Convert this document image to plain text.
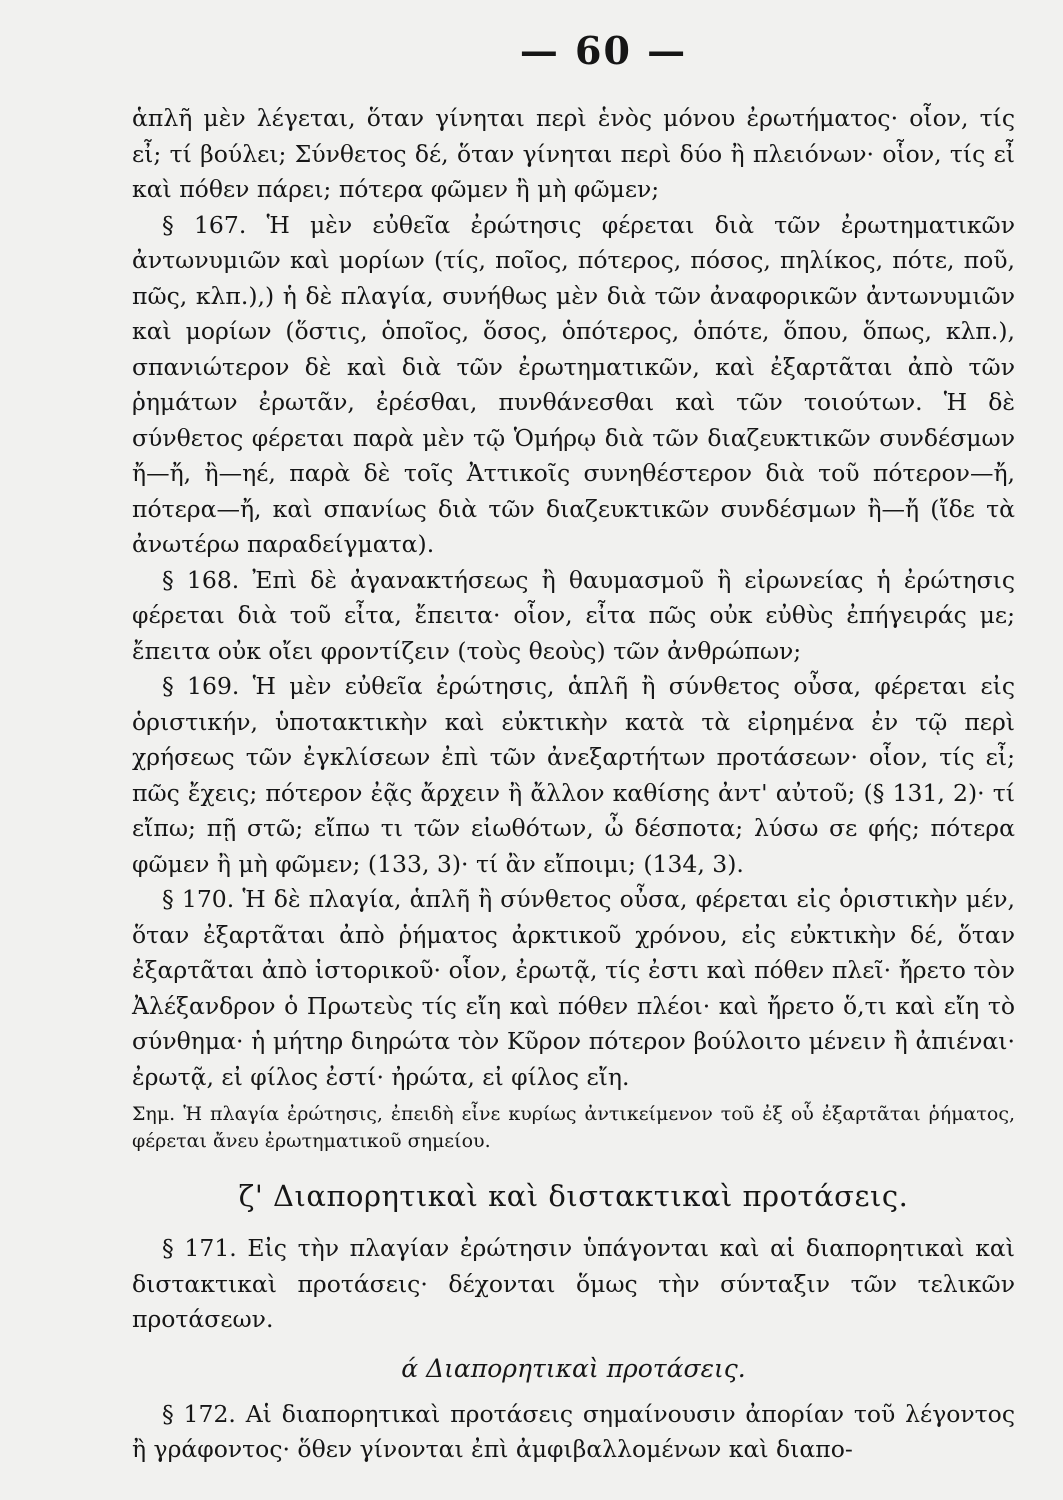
— 60 —

ἁπλῆ μὲν λέγεται, ὅταν γίνηται περὶ ἑνὸς μόνου ἐρωτήματος· οἷον, τίς εἶ; τί βούλει; Σύνθετος δέ, ὅταν γίνηται περὶ δύο ἢ πλειόνων· οἷον, τίς εἶ καὶ πόθεν πάρει; πότερα φῶμεν ἢ μὴ φῶμεν;

§ 167. Ἡ μὲν εὐθεῖα ἐρώτησις φέρεται διὰ τῶν ἐρωτηματικῶν ἀντωνυμιῶν καὶ μορίων (τίς, ποῖος, πότερος, πόσος, πηλίκος, πότε, ποῦ, πῶς, κλπ.),) ἡ δὲ πλαγία, συνήθως μὲν διὰ τῶν ἀναφορικῶν ἀντωνυμιῶν καὶ μορίων (ὅστις, ὁποῖος, ὅσος, ὁπότερος, ὁπότε, ὅπου, ὅπως, κλπ.), σπανιώτερον δὲ καὶ διὰ τῶν ἐρωτηματικῶν, καὶ ἐξαρτᾶται ἀπὸ τῶν ῥημάτων ἐρωτᾶν, ἐρέσθαι, πυνθάνεσθαι καὶ τῶν τοιούτων. Ἡ δὲ σύνθετος φέρεται παρὰ μὲν τῷ Ὁμήρῳ διὰ τῶν διαζευκτικῶν συνδέσμων ἤ—ἤ, ἢ—ηέ, παρὰ δὲ τοῖς Ἀττικοῖς συνηθέστερον διὰ τοῦ πότερον—ἤ, πότερα—ἤ, καὶ σπανίως διὰ τῶν διαζευκτικῶν συνδέσμων ἢ—ἤ (ἴδε τὰ ἀνωτέρω παραδείγματα).

§ 168. Ἐπὶ δὲ ἀγανακτήσεως ἢ θαυμασμοῦ ἢ εἰρωνείας ἡ ἐρώτησις φέρεται διὰ τοῦ εἶτα, ἔπειτα· οἷον, εἶτα πῶς οὐκ εὐθὺς ἐπήγειράς με; ἔπειτα οὐκ οἴει φροντίζειν (τοὺς θεοὺς) τῶν ἀνθρώπων;

§ 169. Ἡ μὲν εὐθεῖα ἐρώτησις, ἁπλῆ ἢ σύνθετος οὖσα, φέρεται εἰς ὁριστικήν, ὑποτακτικὴν καὶ εὐκτικὴν κατὰ τὰ εἰρημένα ἐν τῷ περὶ χρήσεως τῶν ἐγκλίσεων ἐπὶ τῶν ἀνεξαρτήτων προτάσεων· οἷον, τίς εἶ; πῶς ἔχεις; πότερον ἐᾷς ἄρχειν ἢ ἄλλον καθίσης ἀντ' αὐτοῦ; (§ 131, 2)· τί εἴπω; πῇ στῶ; εἴπω τι τῶν εἰωθότων, ὦ δέσποτα; λύσω σε φής; πότερα φῶμεν ἢ μὴ φῶμεν; (133, 3)· τί ἂν εἴποιμι; (134, 3).

§ 170. Ἡ δὲ πλαγία, ἁπλῆ ἢ σύνθετος οὖσα, φέρεται εἰς ὁριστικὴν μέν, ὅταν ἐξαρτᾶται ἀπὸ ῥήματος ἀρκτικοῦ χρόνου, εἰς εὐκτικὴν δέ, ὅταν ἐξαρτᾶται ἀπὸ ἱστορικοῦ· οἷον, ἐρωτᾷ, τίς ἐστι καὶ πόθεν πλεῖ· ἤρετο τὸν Ἀλέξανδρον ὁ Πρωτεὺς τίς εἴη καὶ πόθεν πλέοι· καὶ ἤρετο ὅ,τι καὶ εἴη τὸ σύνθημα· ἡ μήτηρ διηρώτα τὸν Κῦρον πότερον βούλοιτο μένειν ἢ ἀπιέναι· ἐρωτᾷ, εἰ φίλος ἐστί· ἠρώτα, εἰ φίλος εἴη.

Σημ. Ἡ πλαγία ἐρώτησις, ἐπειδὴ εἶνε κυρίως ἀντικείμενον τοῦ ἐξ οὗ ἐξαρτᾶται ῥήματος, φέρεται ἄνευ ἐρωτηματικοῦ σημείου.
ζ' Διαπορητικαὶ καὶ διστακτικαὶ προτάσεις.

§ 171. Εἰς τὴν πλαγίαν ἐρώτησιν ὑπάγονται καὶ αἱ διαπορητικαὶ καὶ διστακτικαὶ προτάσεις· δέχονται ὅμως τὴν σύνταξιν τῶν τελικῶν προτάσεων.

ά Διαπορητικαὶ προτάσεις.

§ 172. Αἱ διαπορητικαὶ προτάσεις σημαίνουσιν ἀπορίαν τοῦ λέγοντος ἢ γράφοντος· ὅθεν γίνονται ἐπὶ ἀμφιβαλλομένων καὶ διαπο-
